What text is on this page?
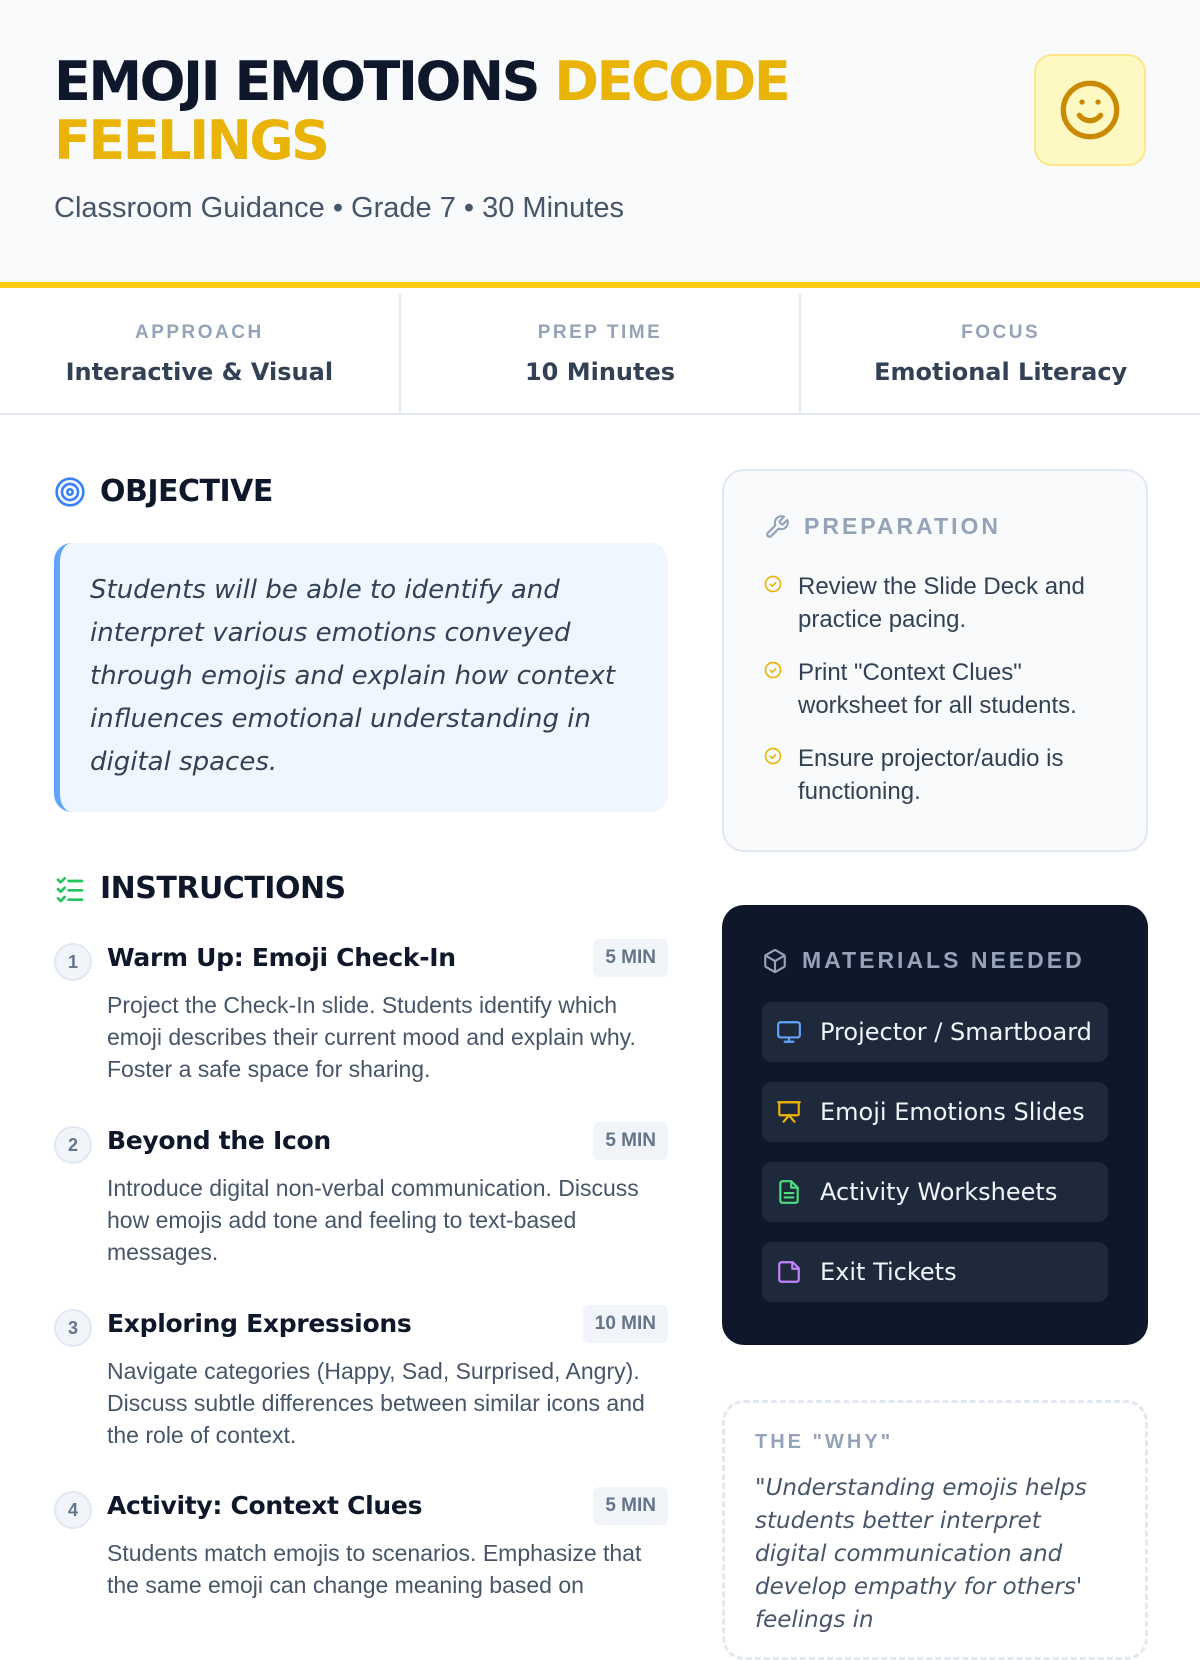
EMOJI EMOTIONS DECODE
FEELINGS
Classroom Guidance • Grade 7 • 30 Minutes
APPROACH
Interactive & Visual
PREP TIME
10 Minutes
FOCUS
Emotional Literacy
OBJECTIVE

Students will be able to identify and interpret various emotions conveyed through emojis and explain how context influences emotional understanding in digital spaces.

INSTRUCTIONS
1	Warm Up: Emoji Check-In	5 MIN
Project the Check-In slide. Students identify which emoji describes their current mood and explain why. Foster a safe space for sharing.
2	Beyond the Icon	5 MIN
Introduce digital non-verbal communication. Discuss how emojis add tone and feeling to text-based messages.
3	Exploring Expressions	10 MIN
Navigate categories (Happy, Sad, Surprised, Angry). Discuss subtle differences between similar icons and the role of context.
4	Activity: Context Clues	5 MIN
Students match emojis to scenarios. Emphasize that the same emoji can change meaning based on
PREPARATION
Review the Slide Deck and practice pacing.
Print "Context Clues" worksheet for all students.
Ensure projector/audio is functioning.
MATERIALS NEEDED
Projector / Smartboard
Emoji Emotions Slides
Activity Worksheets
Exit Tickets
THE "WHY"
"Understanding emojis helps students better interpret digital communication and develop empathy for others' feelings in
